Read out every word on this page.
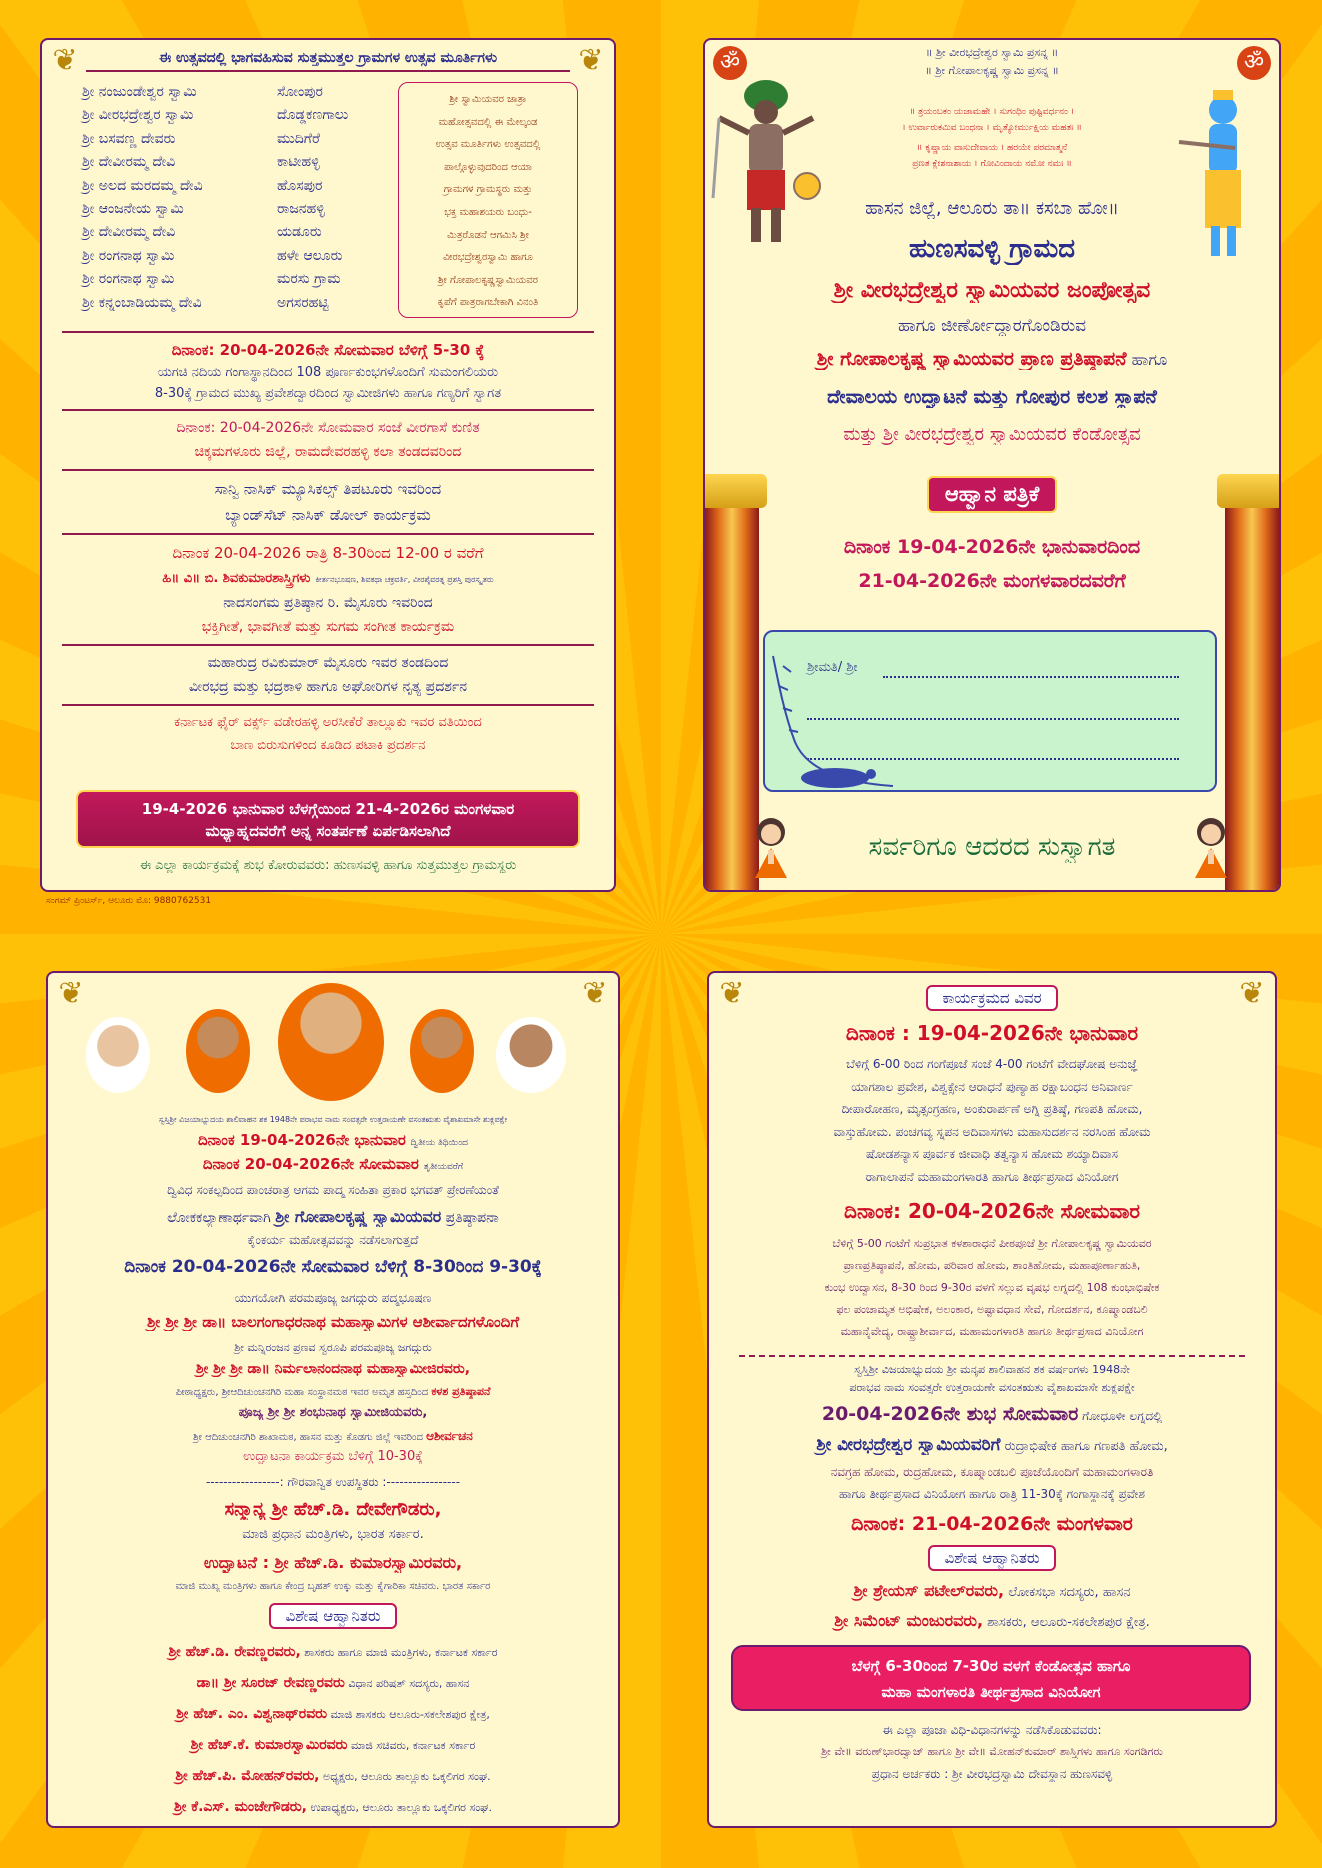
❦	❦
ಈ ಉತ್ಸವದಲ್ಲಿ ಭಾಗವಹಿಸುವ ಸುತ್ತಮುತ್ತಲ ಗ್ರಾಮಗಳ ಉತ್ಸವ ಮೂರ್ತಿಗಳು
ಶ್ರೀ ನಂಜುಂಡೇಶ್ವರ ಸ್ವಾಮಿ	ಸೋಂಪುರ
ಶ್ರೀ ವೀರಭದ್ರೇಶ್ವರ ಸ್ವಾಮಿ	ದೊಡ್ಡಕಣಗಾಲು
ಶ್ರೀ ಬಸವಣ್ಣ ದೇವರು	ಮುದಿಗೆರೆ
ಶ್ರೀ ದೇವೀರಮ್ಮ ದೇವಿ	ಕಾಟೀಹಳ್ಳಿ
ಶ್ರೀ ಅಲದ ಮರದಮ್ಮ ದೇವಿ	ಹೊಸಪುರ
ಶ್ರೀ ಆಂಜನೇಯ ಸ್ವಾಮಿ	ರಾಜನಹಳ್ಳಿ
ಶ್ರೀ ದೇವೀರಮ್ಮ ದೇವಿ	ಯಡೂರು
ಶ್ರೀ ರಂಗನಾಥ ಸ್ವಾಮಿ	ಹಳೇ ಆಲೂರು
ಶ್ರೀ ರಂಗನಾಥ ಸ್ವಾಮಿ	ಮರಸು ಗ್ರಾಮ
ಶ್ರೀ ಕನ್ನಂಬಾಡಿಯಮ್ಮ ದೇವಿ	ಅಗಸರಹಟ್ಟಿ
ಶ್ರೀ ಸ್ವಾಮಿಯವರ ಜಾತ್ರಾ
ಮಹೋತ್ಸವದಲ್ಲಿ ಈ ಮೇಲ್ಕಂಡ
ಉತ್ಸವ ಮೂರ್ತಿಗಳು ಉತ್ಸವದಲ್ಲಿ
ಪಾಲ್ಗೊಳ್ಳುವುದರಿಂದ ಆಯಾ
ಗ್ರಾಮಗಳ ಗ್ರಾಮಸ್ಥರು ಮತ್ತು
ಭಕ್ತ ಮಹಾಶಯರು ಬಂಧು-
ಮಿತ್ರರೊಡನೆ ಆಗಮಿಸಿ ಶ್ರೀ
ವೀರಭದ್ರೇಶ್ವರಸ್ವಾಮಿ ಹಾಗೂ
ಶ್ರೀ ಗೋಪಾಲಕೃಷ್ಣಸ್ವಾಮಿಯವರ
ಕೃಪೆಗೆ ಪಾತ್ರರಾಗಬೇಕಾಗಿ ವಿನಂತಿ
ದಿನಾಂಕ: 20-04-2026ನೇ ಸೋಮವಾರ ಬೆಳಿಗ್ಗೆ 5-30 ಕ್ಕೆ
ಯಗಚಿ ನದಿಯ ಗಂಗಾಸ್ಥಾನದಿಂದ 108 ಪೂರ್ಣಕುಂಭಗಳೊಂದಿಗೆ ಸುಮಂಗಲಿಯರು
8-30ಕ್ಕೆ ಗ್ರಾಮದ ಮುಖ್ಯ ಪ್ರವೇಶದ್ವಾರದಿಂದ ಸ್ವಾಮೀಜಿಗಳು ಹಾಗೂ ಗಣ್ಯರಿಗೆ ಸ್ವಾಗತ
ದಿನಾಂಕ: 20-04-2026ನೇ ಸೋಮವಾರ ಸಂಜೆ ವೀರಗಾಸೆ ಕುಣಿತ
ಚಿಕ್ಕಮಗಳೂರು ಜಿಲ್ಲೆ, ರಾಮದೇವರಹಳ್ಳಿ ಕಲಾ ತಂಡದವರಿಂದ
ಸಾನ್ವಿ ನಾಸಿಕ್ ಮ್ಯೂಸಿಕಲ್ಸ್ ತಿಪಟೂರು ಇವರಿಂದ
ಬ್ಯಾಂಡ್‌ಸೆಟ್ ನಾಸಿಕ್ ಡೋಲ್ ಕಾರ್ಯಕ್ರಮ
ದಿನಾಂಕ 20-04-2026 ರಾತ್ರಿ 8-30ರಿಂದ 12-00 ರ ವರೆಗೆ
ಹಿ॥ ವಿ॥ ಬಿ. ಶಿವಕುಮಾರಶಾಸ್ತ್ರಿಗಳು ಕೀರ್ತನಭೂಷಣ, ಶಿವಕಥಾ ಚಕ್ರವರ್ತಿ, ವೀರಶೈವರತ್ನ ಪ್ರಶಸ್ತಿ ಪುರಸ್ಕೃತರು
ನಾದಸಂಗಮ ಪ್ರತಿಷ್ಠಾನ ರಿ. ಮೈಸೂರು ಇವರಿಂದ
ಭಕ್ತಿಗೀತೆ, ಭಾವಗೀತೆ ಮತ್ತು ಸುಗಮ ಸಂಗೀತ ಕಾರ್ಯಕ್ರಮ
ಮಹಾರುದ್ರ ರವಿಕುಮಾರ್ ಮೈಸೂರು ಇವರ ತಂಡದಿಂದ
ವೀರಭದ್ರ ಮತ್ತು ಭದ್ರಕಾಳಿ ಹಾಗೂ ಅಘೋರಿಗಳ ನೃತ್ಯ ಪ್ರದರ್ಶನ
ಕರ್ನಾಟಕ ಫೈರ್ ವರ್ಕ್ಸ್ ವಡೇರಹಳ್ಳಿ ಅರಸೀಕೆರೆ ತಾಲ್ಲೂಕು ಇವರ ವತಿಯಿಂದ
ಬಾಣ ಬಿರುಸುಗಳಿಂದ ಕೂಡಿದ ಪಟಾಕಿ ಪ್ರದರ್ಶನ
19-4-2026 ಭಾನುವಾರ ಬೆಳಗ್ಗೆಯಿಂದ 21-4-2026ರ ಮಂಗಳವಾರ
ಮಧ್ಯಾಹ್ನದವರೆಗೆ ಅನ್ನ ಸಂತರ್ಪಣೆ ಏರ್ಪಡಿಸಲಾಗಿದೆ
ಈ ಎಲ್ಲಾ ಕಾರ್ಯಕ್ರಮಕ್ಕೆ ಶುಭ ಕೋರುವವರು: ಹುಣಸವಳ್ಳಿ ಹಾಗೂ ಸುತ್ತಮುತ್ತಲ ಗ್ರಾಮಸ್ಥರು
ಸಂಗಮ್ ಪ್ರಿಂಟರ್ಸ್, ಆಲೂರು ಮೊ: 9880762531
ॐ	ॐ
॥ ಶ್ರೀ ವೀರಭದ್ರೇಶ್ವರ ಸ್ವಾಮಿ ಪ್ರಸನ್ನ ॥
॥ ಶ್ರೀ ಗೋಪಾಲಕೃಷ್ಣ ಸ್ವಾಮಿ ಪ್ರಸನ್ನ ॥
॥ ತ್ರಯಂಬಕಂ ಯಜಾಮಹೇ । ಸುಗಂಧಿಂ ಪುಷ್ಟಿವರ್ಧನಂ ।
। ಉರ್ವಾರುಕಮಿವ ಬಂಧನಾ । ಮೃತ್ಯೋರ್ಮುಕ್ಷಿಯ ಮಹತಃ ॥
॥ ಕೃಷ್ಣಾಯ ವಾಸುದೇವಾಯ । ಹರಯೇ ಪರಮಾತ್ಮನೆ
ಪ್ರಣತ ಕ್ಲೇಶನಾಶಾಯ । ಗೋವಿಂದಾಯ ನಮೋ ನಮಃ ॥
ಹಾಸನ ಜಿಲ್ಲೆ, ಆಲೂರು ತಾ॥ ಕಸಬಾ ಹೋ॥
ಹುಣಸವಳ್ಳಿ ಗ್ರಾಮದ
ಶ್ರೀ ವೀರಭದ್ರೇಶ್ವರ ಸ್ವಾಮಿಯವರ ಜಂಪೋತ್ಸವ
ಹಾಗೂ ಜೀರ್ಣೋದ್ಧಾರಗೊಂಡಿರುವ
ಶ್ರೀ ಗೋಪಾಲಕೃಷ್ಣ ಸ್ವಾಮಿಯವರ ಪ್ರಾಣ ಪ್ರತಿಷ್ಠಾಪನೆ ಹಾಗೂ
ದೇವಾಲಯ ಉದ್ಘಾಟನೆ ಮತ್ತು ಗೋಪುರ ಕಲಶ ಸ್ಥಾಪನೆ
ಮತ್ತು ಶ್ರೀ ವೀರಭದ್ರೇಶ್ವರ ಸ್ವಾಮಿಯವರ ಕೆಂಡೋತ್ಸವ
ಆಹ್ವಾನ ಪತ್ರಿಕೆ
ದಿನಾಂಕ 19-04-2026ನೇ ಭಾನುವಾರದಿಂದ
21-04-2026ನೇ ಮಂಗಳವಾರದವರೆಗೆ
ಶ್ರೀಮತಿ/ ಶ್ರೀ
ಸರ್ವರಿಗೂ ಆದರದ ಸುಸ್ವಾಗತ
❦	❦
ಸ್ವಸ್ತಿಶ್ರೀ ವಿಜಯಾಭ್ಯುದಯ ಶಾಲಿವಾಹನ ಶಕ 1948ನೇ ಪರಾಭವ ನಾಮ ಸಂವತ್ಸರೇ ಉತ್ತರಾಯಣೇ ವಸಂತಋತು ವೈಶಾಖಮಾಸೇ ಶುಕ್ಲಪಕ್ಷೇ
ದಿನಾಂಕ 19-04-2026ನೇ ಭಾನುವಾರ ದ್ವಿತೀಯ ತಿಥಿಯಿಂದ
ದಿನಾಂಕ 20-04-2026ನೇ ಸೋಮವಾರ ತೃತೀಯವರೆಗೆ
ದ್ವಿವಿಧ ಸಂಕಲ್ಪದಿಂದ ಪಾಂಚರಾತ್ರ ಆಗಮ ಪಾದ್ಮ ಸಂಹಿತಾ ಪ್ರಕಾರ ಭಗವತ್ ಪ್ರೇರಣೆಯಂತೆ
ಲೋಕಕಲ್ಯಾಣಾರ್ಥವಾಗಿ ಶ್ರೀ ಗೋಪಾಲಕೃಷ್ಣ ಸ್ವಾಮಿಯವರ ಪ್ರತಿಷ್ಠಾಪನಾ
ಕೈಂಕರ್ಯ ಮಹೋತ್ಸವವನ್ನು ನಡೆಸಲಾಗುತ್ತದೆ
ದಿನಾಂಕ 20-04-2026ನೇ ಸೋಮವಾರ ಬೆಳಿಗ್ಗೆ 8-30ರಿಂದ 9-30ಕ್ಕೆ
ಯುಗಯೋಗಿ ಪರಮಪೂಜ್ಯ ಜಗದ್ಗುರು ಪದ್ಮಭೂಷಣ
ಶ್ರೀ ಶ್ರೀ ಶ್ರೀ ಡಾ॥ ಬಾಲಗಂಗಾಧರನಾಥ ಮಹಾಸ್ವಾಮಿಗಳ ಆಶೀರ್ವಾದಗಳೊಂದಿಗೆ
ಶ್ರೀ ಮನ್ನಿರಂಜನ ಪ್ರಣವ ಸ್ವರೂಪಿ ಪರಮಪೂಜ್ಯ ಜಗದ್ಗುರು
ಶ್ರೀ ಶ್ರೀ ಶ್ರೀ ಡಾ॥ ನಿರ್ಮಲಾನಂದನಾಥ ಮಹಾಸ್ವಾಮೀಜಿರವರು,
ಪೀಠಾಧ್ಯಕ್ಷರು, ಶ್ರೀಆದಿಚುಂಚನಗಿರಿ ಮಹಾ ಸಂಸ್ಥಾನಮಠ ಇವರ ಅಮೃತ ಹಸ್ತದಿಂದ ಕಳಶ ಪ್ರತಿಷ್ಠಾಪನೆ
ಪೂಜ್ಯ ಶ್ರೀ ಶ್ರೀ ಶಂಭುನಾಥ ಸ್ವಾಮೀಜಿಯವರು,
ಶ್ರೀ ಆದಿಚುಂಚನಗಿರಿ ಶಾಖಾಮಠ, ಹಾಸನ ಮತ್ತು ಕೊಡಗು ಜಿಲ್ಲೆ ಇವರಿಂದ ಆಶೀರ್ವಚನ
ಉದ್ಘಾಟನಾ ಕಾರ್ಯಕ್ರಮ ಬೆಳಿಗ್ಗೆ 10-30ಕ್ಕೆ
-----------------: ಗೌರವಾನ್ವಿತ ಉಪಸ್ಥಿತರು :-----------------
ಸನ್ಮಾನ್ಯ ಶ್ರೀ ಹೆಚ್.ಡಿ. ದೇವೇಗೌಡರು,
ಮಾಜಿ ಪ್ರಧಾನ ಮಂತ್ರಿಗಳು, ಭಾರತ ಸರ್ಕಾರ.
ಉದ್ಘಾಟನೆ : ಶ್ರೀ ಹೆಚ್.ಡಿ. ಕುಮಾರಸ್ವಾಮಿರವರು,
ಮಾಜಿ ಮುಖ್ಯ ಮಂತ್ರಿಗಳು ಹಾಗೂ ಕೇಂದ್ರ ಬೃಹತ್ ಉಕ್ಕು ಮತ್ತು ಕೈಗಾರಿಕಾ ಸಚಿವರು. ಭಾರತ ಸರ್ಕಾರ
ವಿಶೇಷ ಆಹ್ವಾನಿತರು
ಶ್ರೀ ಹೆಚ್.ಡಿ. ರೇವಣ್ಣರವರು, ಶಾಸಕರು ಹಾಗೂ ಮಾಜಿ ಮಂತ್ರಿಗಳು, ಕರ್ನಾಟಕ ಸರ್ಕಾರ
ಡಾ॥ ಶ್ರೀ ಸೂರಜ್ ರೇವಣ್ಣರವರು ವಿಧಾನ ಪರಿಷತ್ ಸದಸ್ಯರು, ಹಾಸನ
ಶ್ರೀ ಹೆಚ್. ಎಂ. ವಿಶ್ವನಾಥ್‌ರವರು ಮಾಜಿ ಶಾಸಕರು ಆಲೂರು-ಸಕಲೇಶಪುರ ಕ್ಷೇತ್ರ,
ಶ್ರೀ ಹೆಚ್.ಕೆ. ಕುಮಾರಸ್ವಾಮಿರವರು ಮಾಜಿ ಸಚಿವರು, ಕರ್ನಾಟಕ ಸರ್ಕಾರ
ಶ್ರೀ ಹೆಚ್.ಪಿ. ಮೋಹನ್‌ರವರು, ಅಧ್ಯಕ್ಷರು, ಆಲೂರು ತಾಲ್ಲೂಕು ಒಕ್ಕಲಿಗರ ಸಂಘ.
ಶ್ರೀ ಕೆ.ಎಸ್. ಮಂಜೇಗೌಡರು, ಉಪಾಧ್ಯಕ್ಷರು, ಆಲೂರು ತಾಲ್ಲೂಕು ಒಕ್ಕಲಿಗರ ಸಂಘ.
❦	❦
ಕಾರ್ಯಕ್ರಮದ ವಿವರ
ದಿನಾಂಕ : 19-04-2026ನೇ ಭಾನುವಾರ
ಬೆಳಿಗ್ಗೆ 6-00 ರಿಂದ ಗಂಗೆಪೂಜೆ ಸಂಜೆ 4-00 ಗಂಟೆಗೆ ವೇದಘೋಷ ಅನುಜ್ಞೆ
ಯಾಗಶಾಲ ಪ್ರವೇಶ, ವಿಶ್ವಕ್ಸೇನ ಆರಾಧನೆ ಪುಣ್ಯಾಹ ರಕ್ಷಾಬಂಧನ ಅನಿವಾರ್ಣ
ದೀಪಾರೋಹಣ, ಮೃತ್ಸಂಗ್ರಹಣ, ಅಂಕುರಾರ್ಪಣೆ ಅಗ್ನಿ ಪ್ರತಿಷ್ಠೆ, ಗಣಪತಿ ಹೋಮ,
ವಾಸ್ತುಹೋಮ. ಪಂಚಗವ್ಯ ಸ್ನಪನ ಅದಿವಾಸಗಳು ಮಹಾಸುದರ್ಶನ ನರಸಿಂಹ ಹೋಮ
ಷೋಡಶನ್ಯಾಸ ಪೂರ್ವಕ ಜೀವಾಧಿ ತತ್ವನ್ಯಾಸ ಹೋಮ ಶಯ್ಯಾದಿವಾಸ
ರಾಗಾಲಾಪನೆ ಮಹಾಮಂಗಳಾರತಿ ಹಾಗೂ ತೀರ್ಥಪ್ರಸಾದ ವಿನಿಯೋಗ
ದಿನಾಂಕ: 20-04-2026ನೇ ಸೋಮವಾರ
ಬೆಳಿಗ್ಗೆ 5-00 ಗಂಟೆಗೆ ಸುಪ್ರಭಾತ ಕಳಶಾರಾಧನೆ ಪೀಠಪೂಜೆ ಶ್ರೀ ಗೋಪಾಲಕೃಷ್ಣ ಸ್ವಾಮಿಯವರ
ಪ್ರಾಣಪ್ರತಿಷ್ಠಾಪನೆ, ಹೋಮ, ಪರಿವಾರ ಹೋಮ, ಶಾಂತಿಹೋಮ, ಮಹಾಪೂರ್ಣಾಹುತಿ,
ಕುಂಭ ಉದ್ವಾಸನ, 8-30 ರಿಂದ 9-30ರ ವಳಗೆ ಸಲ್ಲುವ ವೃಷಭ ಲಗ್ನದಲ್ಲಿ 108 ಕುಂಭಾಭಿಷೇಕ
ಫಲ ಪಂಚಾಮೃತ ಅಭಿಷೇಕ, ಅಲಂಕಾರ, ಅಷ್ಟಾವಧಾನ ಸೇವೆ, ಗೋದರ್ಶನ, ಕೂಷ್ಮಾಂಡಬಲಿ
ಮಹಾನೈವೇದ್ಯ, ರಾಷ್ಟ್ರಾಶೀರ್ವಾದ, ಮಹಾಮಂಗಳಾರತಿ ಹಾಗೂ ತೀರ್ಥಪ್ರಸಾದ ವಿನಿಯೋಗ
ಸ್ವಸ್ತಿಶ್ರೀ ವಿಜಯಾಭ್ಯುದಯ ಶ್ರೀ ಮನೃಪ ಶಾಲಿವಾಹನ ಶಕ ವರ್ಷಂಗಳು 1948ನೇ
ಪರಾಭವ ನಾಮ ಸಂವತ್ಸರೇ ಉತ್ತರಾಯಣೇ ವಸಂತಋತು ವೈಶಾಖಮಾಸೇ ಶುಕ್ಲಪಕ್ಷೇ
20-04-2026ನೇ ಶುಭ ಸೋಮವಾರ ಗೋಧೂಳೀ ಲಗ್ನದಲ್ಲಿ
ಶ್ರೀ ವೀರಭದ್ರೇಶ್ವರ ಸ್ವಾಮಿಯವರಿಗೆ ರುದ್ರಾಭಿಷೇಕ ಹಾಗೂ ಗಣಪತಿ ಹೋಮ,
ನವಗ್ರಹ ಹೋಮ, ರುದ್ರಹೋಮ, ಕೂಷ್ಮಾಂಡಬಲಿ ಪೂಜೆಯೊಂದಿಗೆ ಮಹಾಮಂಗಳಾರತಿ
ಹಾಗೂ ತೀರ್ಥಪ್ರಸಾದ ವಿನಿಯೋಗ ಹಾಗೂ ರಾತ್ರಿ 11-30ಕ್ಕೆ ಗಂಗಾಸ್ಥಾನಕ್ಕೆ ಪ್ರವೇಶ
ದಿನಾಂಕ: 21-04-2026ನೇ ಮಂಗಳವಾರ
ವಿಶೇಷ ಆಹ್ವಾನಿತರು
ಶ್ರೀ ಶ್ರೇಯಸ್ ಪಟೇಲ್‌ರವರು, ಲೋಕಸಭಾ ಸದಸ್ಯರು, ಹಾಸನ
ಶ್ರೀ ಸಿಮೆಂಟ್ ಮಂಜುರವರು, ಶಾಸಕರು, ಆಲೂರು-ಸಕಲೇಶಪುರ ಕ್ಷೇತ್ರ.
ಬೆಳಗ್ಗೆ 6-30ರಿಂದ 7-30ರ ವಳಗೆ ಕೆಂಡೋತ್ಸವ ಹಾಗೂ
ಮಹಾ ಮಂಗಳಾರತಿ ತೀರ್ಥಪ್ರಸಾದ ವಿನಿಯೋಗ
ಈ ಎಲ್ಲಾ ಪೂಜಾ ವಿಧಿ-ವಿಧಾನಗಳನ್ನು ನಡೆಸಿಕೊಡುವವರು:
ಶ್ರೀ ವೇ॥ ವರುಣ್‌ಭಾರದ್ವಾಜ್ ಹಾಗೂ ಶ್ರೀ ವೇ॥ ಮೋಹನ್‌ಕುಮಾರ್ ಶಾಸ್ತ್ರಿಗಳು ಹಾಗೂ ಸಂಗಡಿಗರು
ಪ್ರಧಾನ ಅರ್ಚಕರು : ಶ್ರೀ ವೀರಭದ್ರಸ್ವಾಮಿ ದೇವಸ್ಥಾನ ಹುಣಸವಳ್ಳಿ
